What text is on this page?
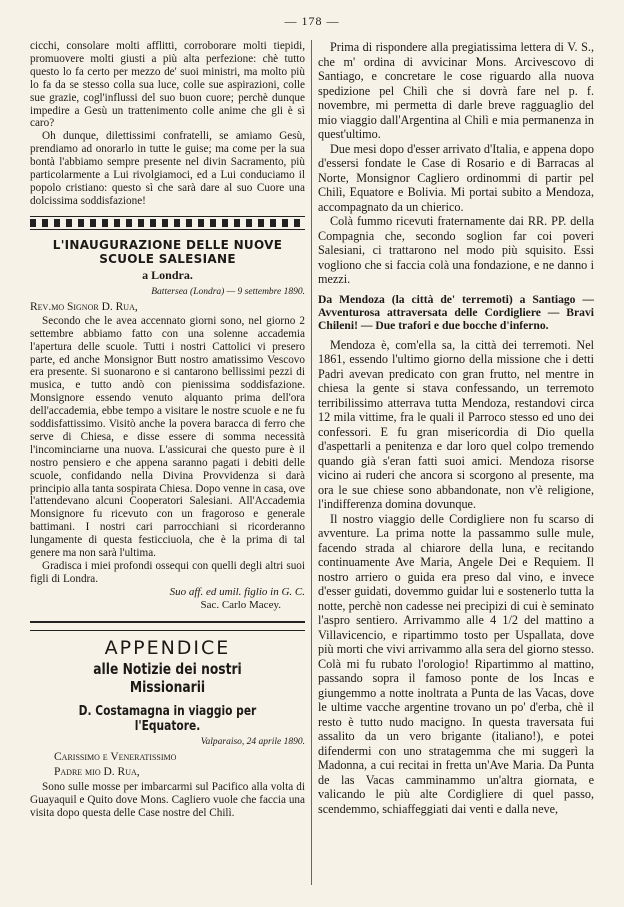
— 178 —

cicchi, consolare molti afflitti, corroborare molti tiepidi, promuovere molti giusti a più alta perfezione: chè tutto questo lo fa certo per mezzo de' suoi ministri, ma molto più lo fa da se stesso colla sua luce, colle sue aspirazioni, colle sue grazie, cogl'influssi del suo buon cuore; perchè dunque impedire a Gesù un trattenimento colle anime che gli è sì caro?

Oh dunque, dilettissimi confratelli, se amiamo Gesù, prendiamo ad onorarlo in tutte le guise; ma come per la sua bontà l'abbiamo sempre presente nel divin Sacramento, più particolarmente a Lui rivolgiamoci, ed a Lui conduciamo il popolo cristiano: questo sì che sarà dare al suo Cuore una dolcissima soddisfazione!

L'INAUGURAZIONE DELLE NUOVE SCUOLE SALESIANE
a Londra.
Battersea (Londra) — 9 settembre 1890.
Rev.mo Signor D. Rua,

Secondo che le avea accennato giorni sono, nel giorno 2 settembre abbiamo fatto con una solenne accademia l'apertura delle scuole. Tutti i nostri Cattolici vi presero parte, ed anche Monsignor Butt nostro amatissimo Vescovo era presente. Si suonarono e si cantarono bellissimi pezzi di musica, e tutto andò con pienissima soddisfazione. Monsignore essendo venuto alquanto prima dell'ora dell'accademia, ebbe tempo a visitare le nostre scuole e ne fu soddisfattissimo. Visitò anche la povera baracca di ferro che serve di Chiesa, e disse essere di somma necessità l'incominciarne una nuova. L'assicurai che questo pure è il nostro pensiero e che appena saranno pagati i debiti delle scuole, confidando nella Divina Provvidenza si darà principio alla tanta sospirata Chiesa. Dopo venne in casa, ove l'attendevano alcuni Cooperatori Salesiani. All'Accademia Monsignore fu ricevuto con un fragoroso e generale battimani. I nostri cari parrocchiani si ricorderanno lungamente di questa festicciuola, che è la prima di tal genere ma non sarà l'ultima.

Gradisca i miei profondi ossequi con quelli degli altri suoi figli di Londra.

Suo aff. ed umil. figlio in G. C.
Sac. Carlo Macey.
APPENDICE
alle Notizie dei nostri Missionarii
D. Costamagna in viaggio per l'Equatore.
Valparaiso, 24 aprile 1890.
Carissimo e Veneratissimo
Padre mio D. Rua,

Sono sulle mosse per imbarcarmi sul Pacifico alla volta di Guayaquil e Quito dove Mons. Cagliero vuole che faccia una visita dopo questa delle Case nostre del Chilì.

Prima di rispondere alla pregiatissima lettera di V. S., che m' ordina di avvicinar Mons. Arcivescovo di Santiago, e concretare le cose riguardo alla nuova spedizione pel Chilì che si dovrà fare nel p. f. novembre, mi permetta di darle breve ragguaglio del mio viaggio dall'Argentina al Chilì e mia permanenza in quest'ultimo.

Due mesi dopo d'esser arrivato d'Italia, e appena dopo d'essersi fondate le Case di Rosario e di Barracas al Norte, Monsignor Cagliero ordinommi di partir pel Chilì, Equatore e Bolivia. Mi portai subito a Mendoza, accompagnato da un chierico.

Colà fummo ricevuti fraternamente dai RR. PP. della Compagnia che, secondo soglion far coi poveri Salesiani, ci trattarono nel modo più squisito. Essi vogliono che si faccia colà una fondazione, e ne danno i mezzi.

Da Mendoza (la città de' terremoti) a Santiago — Avventurosa attraversata delle Cordigliere — Bravi Chileni! — Due trafori e due bocche d'inferno.

Mendoza è, com'ella sa, la città dei terremoti. Nel 1861, essendo l'ultimo giorno della missione che i detti Padri avevan predicato con gran frutto, nel mentre in chiesa la gente si stava confessando, un terremoto terribilissimo atterrava tutta Mendoza, restandovi circa 12 mila vittime, fra le quali il Parroco stesso ed uno dei confessori. E fu gran misericordia di Dio quella d'aspettarli a penitenza e dar loro quel colpo tremendo quando già s'eran fatti suoi amici. Mendoza risorse vicino ai ruderi che ancora si scorgono al presente, ma ora le sue chiese sono abbandonate, non v'è religione, l'indifferenza domina dovunque.

Il nostro viaggio delle Cordigliere non fu scarso di avventure. La prima notte la passammo sulle mule, facendo strada al chiarore della luna, e recitando continuamente Ave Maria, Angele Dei e Requiem. Il nostro arriero o guida era preso dal vino, e invece d'esser guidati, dovemmo guidar lui e sostenerlo tutta la notte, perchè non cadesse nei precipizi di cui è seminato l'aspro sentiero. Arrivammo alle 4 1/2 del mattino a Villavicencio, e ripartimmo tosto per Uspallata, dove più morti che vivi arrivammo alla sera del giorno stesso. Colà mi fu rubato l'orologio! Ripartimmo al mattino, passando sopra il famoso ponte de los Incas e giungemmo a notte inoltrata a Punta de las Vacas, dove le ultime vacche argentine trovano un po' d'erba, chè il resto è tutto nudo macigno. In questa traversata fui assalito da un vero brigante (italiano!), e potei difendermi con uno stratagemma che mi suggerì la Madonna, a cui recitai in fretta un'Ave Maria. Da Punta de las Vacas camminammo un'altra giornata, e valicando le più alte Cordigliere di quel passo, scendemmo, schiaffeggiati dai venti e dalla neve,
